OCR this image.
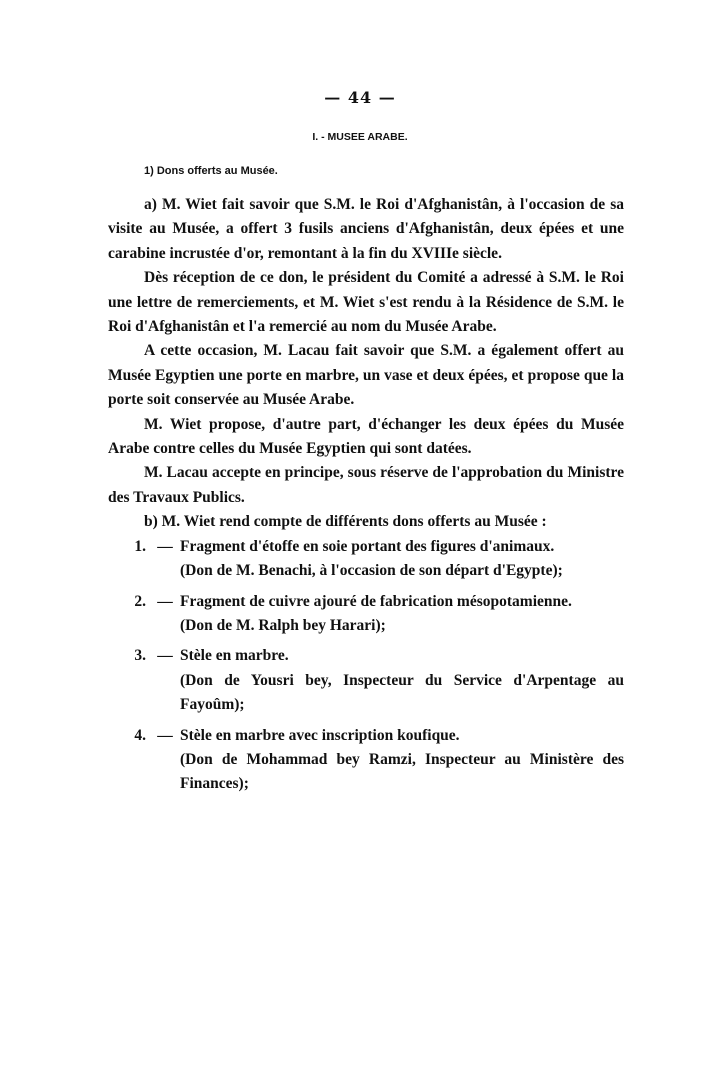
— 44 —
I. - MUSEE ARABE.
1) Dons offerts au Musée.

a) M. Wiet fait savoir que S.M. le Roi d'Afghanistân, à l'occasion de sa visite au Musée, a offert 3 fusils anciens d'Afghanistân, deux épées et une carabine incrustée d'or, remontant à la fin du XVIIIe siècle.

Dès réception de ce don, le président du Comité a adressé à S.M. le Roi une lettre de remerciements, et M. Wiet s'est rendu à la Résidence de S.M. le Roi d'Afghanistân et l'a remercié au nom du Musée Arabe.

A cette occasion, M. Lacau fait savoir que S.M. a également offert au Musée Egyptien une porte en marbre, un vase et deux épées, et propose que la porte soit conservée au Musée Arabe.

M. Wiet propose, d'autre part, d'échanger les deux épées du Musée Arabe contre celles du Musée Egyptien qui sont datées.

M. Lacau accepte en principe, sous réserve de l'approbation du Ministre des Travaux Publics.

b) M. Wiet rend compte de différents dons offerts au Musée :

1. — Fragment d'étoffe en soie portant des figures d'animaux.

(Don de M. Benachi, à l'occasion de son départ d'Egypte);

2. — Fragment de cuivre ajouré de fabrication mésopotamienne.

(Don de M. Ralph bey Harari);

3. — Stèle en marbre.

(Don de Yousri bey, Inspecteur du Service d'Arpentage au Fayoûm);

4. — Stèle en marbre avec inscription koufique.

(Don de Mohammad bey Ramzi, Inspecteur au Ministère des Finances);
